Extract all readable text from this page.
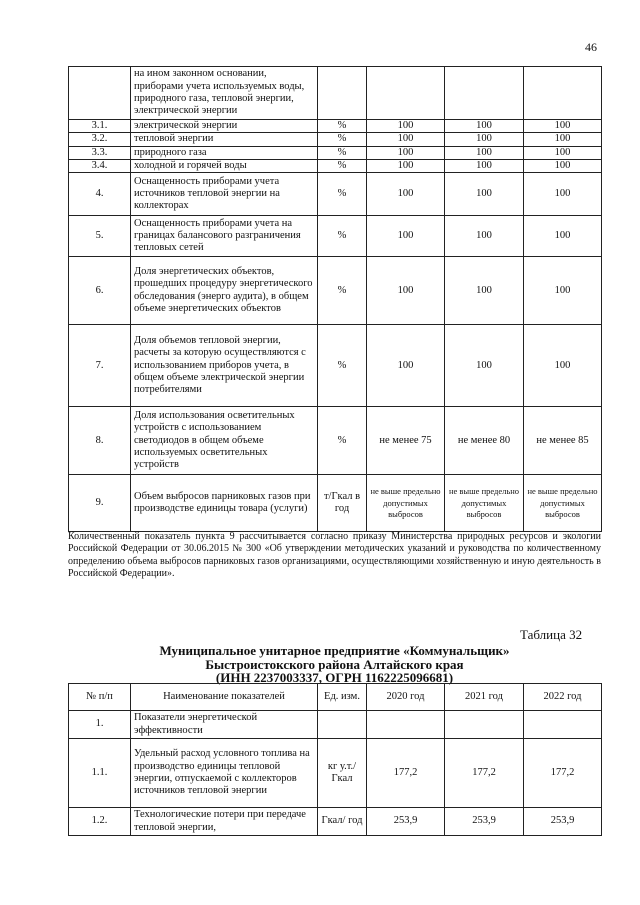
46
	на ином законном основании, приборами учета используемых воды, природного газа, тепловой энергии, электрической энергии				
3.1.	электрической энергии	%	100	100	100
3.2.	тепловой энергии	%	100	100	100
3.3.	природного газа	%	100	100	100
3.4.	холодной и горячей воды	%	100	100	100
4.	Оснащенность приборами учета источников тепловой энергии на коллекторах	%	100	100	100
5.	Оснащенность приборами учета на границах балансового разграничения тепловых сетей	%	100	100	100
6.	Доля энергетических объектов, прошедших процедуру энергетического обследования (энерго аудита), в общем объеме энергетических объектов	%	100	100	100
7.	Доля объемов тепловой энергии, расчеты за которую осуществляются с использованием приборов учета, в общем объеме электрической энергии потребителями	%	100	100	100
8.	Доля использования осветительных устройств с использованием светодиодов в общем объеме используемых осветительных устройств	%	не менее 75	не менее 80	не менее 85
9.	Объем выбросов парниковых газов при производстве единицы товара (услуги)	т/Гкал в год	не выше предельно допустимых выбросов	не выше предельно допустимых выбросов	не выше предельно допустимых выбросов
Количественный показатель пункта 9 рассчитывается согласно приказу Министерства природных ресурсов и экологии Российской Федерации от 30.06.2015 № 300 «Об утверждении методических указаний и руководства по количественному определению объема выбросов парниковых газов организациями, осуществляющими хозяйственную и иную деятельность в Российской Федерации».
Таблица 32
Муниципальное унитарное предприятие «Коммунальщик»
Быстроистокского района Алтайского края
(ИНН 2237003337, ОГРН 1162225096681)
№ п/п	Наименование показателей	Ед. изм.	2020 год	2021 год	2022 год
1.	Показатели энергетической эффективности				
1.1.	Удельный расход условного топлива на производство единицы тепловой энергии, отпускаемой с коллекторов источников тепловой энергии	кг у.т./ Гкал	177,2	177,2	177,2
1.2.	Технологические потери при передаче тепловой энергии,	Гкал/ год	253,9	253,9	253,9
